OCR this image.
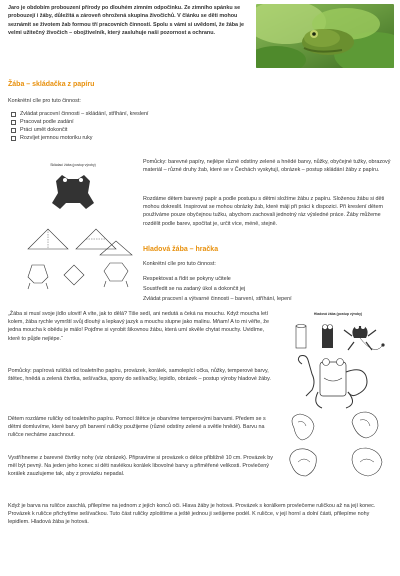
Jaro je obdobím probouzení přírody po dlouhém zimním odpočinku. Ze zimního spánku se probouzejí i žáby, důležitá a zároveň ohrožená skupina živočichů. V článku se děti mohou seznámit se životem žab formou tří pracovních činností. Spolu s vámi si uvědomí, že žába je velmi užitečný živočich – obojživelník, který zasluhuje naši pozornost a ochranu.

Žába – skládačka z papíru

Konkrétní cíle pro tuto činnost:

Zvládat pracovní činnosti – skládání, stříhání, kreslení
Pracovat podle zadání
Práci umět dokončit
Rozvíjet jemnou motoriku ruky

Skládací žába (postup výroby)	Pomůcky: barevné papíry, nejlépe různé odstíny zelené a hnědé barvy, nůžky, obyčejné tužky, obrazový materiál – různé druhy žab, které se v Čechách vyskytují, obrázek – postup skládání žáby z papíru.

Rozdáme dětem barevný papír a podle postupu s dětmi složíme žábu z papíru. Složenou žábu si děti mohou dokreslit. Inspirovat se mohou obrázky žab, které máji při práci k dispozici. Při kreslení dětem používáme pouze obyčejnou tužku, abychom zachovali jednotný ráz výsledné práce. Žáby můžeme rozdělit podle barev, spočítat je, určit více, méně, stejně.

Hladová žába – hračka

Konkrétní cíle pro tuto činnost:

Respektovat a řídit se pokyny učitele

Soustředit se na zadaný úkol a dokončit jej

Zvládat pracovní a výtvarné činnosti – barvení, stříhání, lepení

„Žába si musí svoje jídlo ulovit! A víte, jak to dělá? Tiše sedí, ani nedutá a čeká na mouchu. Když moucha letí kolem, žába rychle vymrští svůj dlouhý a lepkavý jazyk a mouchu slupne jako malinu. Mňam! A to mi věřte, že jedna moucha k obědu je málo! Pojďme si vyrobit šikovnou žábu, která umí skvěle chytat mouchy. Uvidíme, kterě to půjde nejlépe.“

Pomůcky: papírová ruličká od toaletního papíru, provázek, korálek, samolepící očka, nůžky, temperové barvy, štětec, hnědá a zelená čtvrtka, sešívačka, spony do sešívačky, lepidlo, obrázek – postup výroby hladové žáby.

Dětem rozdáme ruličky od toaletního papíru. Pomocí štětce je obarvíme temperovými barvami. Předem se s dětmi domluvíme, které barvy při barvení ruličky použijeme (různé odstíny zelené a světle hnědé). Barvu na ruličce necháme zaschnout.

Vystříhneme z barevné čtvrtky nohy (viz obrázek). Připravíme si provázek o délce přibližně 10 cm. Provázek by měl být pevný. Na jeden jeho konec si děti navlékou korálek libovolné barvy a přiměřené velikosti. Provlečený korálek zauzlujeme tak, aby z provázku nepadal.

Když je barva na ruličce zaschlá, přilepíme na jednom z jejích konců oči. Hlava žáby je hotová. Provázek s korálkem provlečeme ruličkou až na její konec. Provázek k ruličce přichytíme sešívačkou. Tuto část ruličky zploštíme a ještě jednou ji sešijeme podél. K ruličce, v její horní a dolní části, přilepíme nohy lepidlem. Hladová žába je hotová.

Hladová žába (postup výroby)
